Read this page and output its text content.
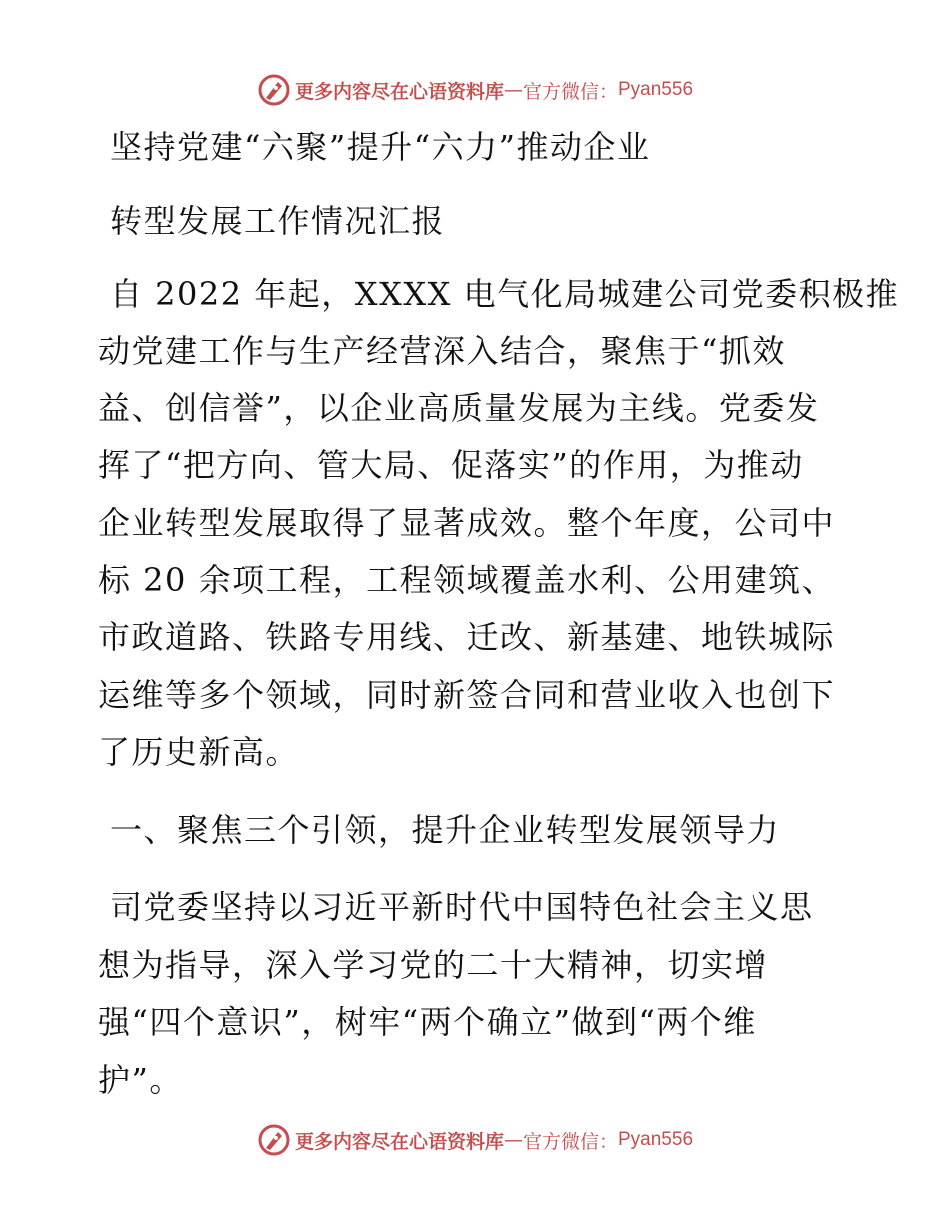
更多内容尽在心语资料库 — 官方微信： Pyan556
坚持党建“六聚”提升“六力”推动企业
转型发展工作情况汇报
自 2022 年起，XXXX 电气化局城建公司党委积极推
动党建工作与生产经营深入结合，聚焦于“抓效
益、创信誉”，以企业高质量发展为主线。党委发
挥了“把方向、管大局、促落实”的作用，为推动
企业转型发展取得了显著成效。整个年度，公司中
标 20 余项工程，工程领域覆盖水利、公用建筑、
市政道路、铁路专用线、迁改、新基建、地铁城际
运维等多个领域，同时新签合同和营业收入也创下
了历史新高。
一、聚焦三个引领，提升企业转型发展领导力
司党委坚持以习近平新时代中国特色社会主义思
想为指导，深入学习党的二十大精神，切实增
强“四个意识”，树牢“两个确立”做到“两个维
护”。
更多内容尽在心语资料库 — 官方微信： Pyan556
